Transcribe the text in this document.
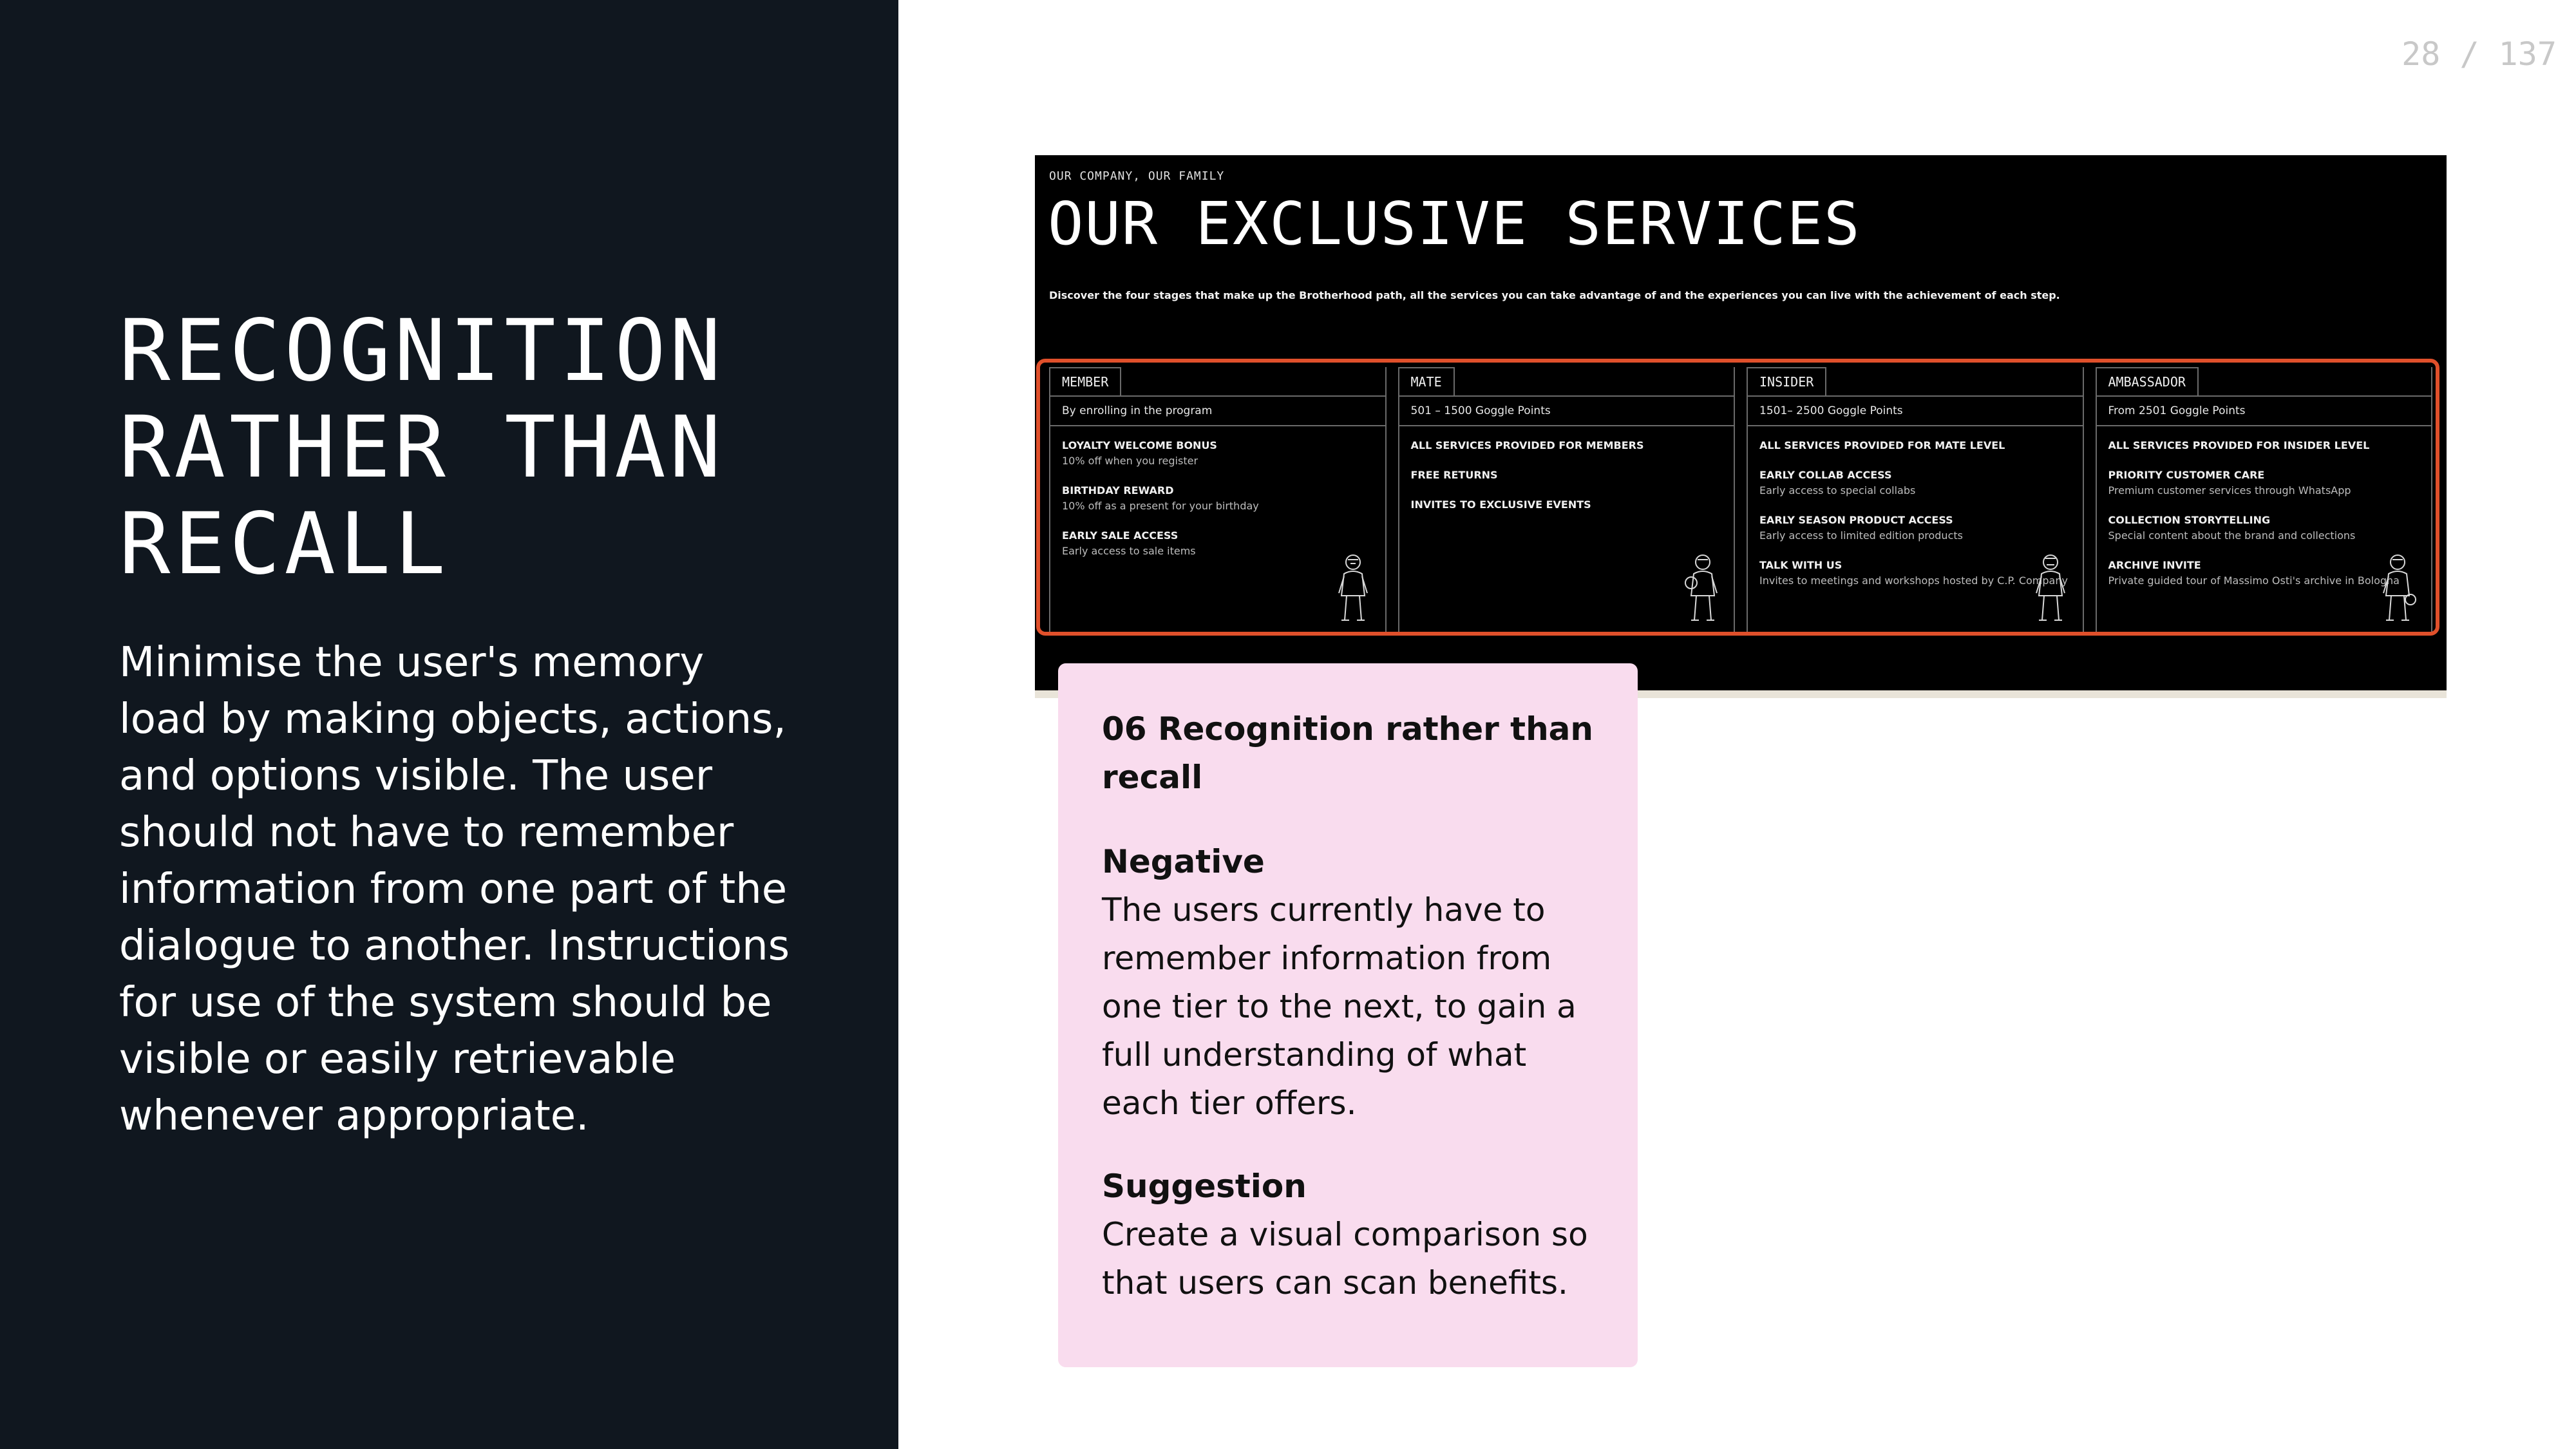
RECOGNITION
RATHER THAN
RECALL

Minimise the user's memory load by making objects, actions, and options visible. The user should not have to remember information from one part of the dialogue to another. Instructions for use of the system should be visible or easily retrievable whenever appropriate.

28 / 137
OUR COMPANY, OUR FAMILY
OUR EXCLUSIVE SERVICES
Discover the four stages that make up the Brotherhood path, all the services you can take advantage of and the experiences you can live with the achievement of each step.
MEMBER
By enrolling in the program
LOYALTY WELCOME BONUS
10% off when you register
BIRTHDAY REWARD
10% off as a present for your birthday
EARLY SALE ACCESS
Early access to sale items
MATE
501 – 1500 Goggle Points
ALL SERVICES PROVIDED FOR MEMBERS
FREE RETURNS
INVITES TO EXCLUSIVE EVENTS
INSIDER
1501– 2500 Goggle Points
ALL SERVICES PROVIDED FOR MATE LEVEL
EARLY COLLAB ACCESS
Early access to special collabs
EARLY SEASON PRODUCT ACCESS
Early access to limited edition products
TALK WITH US
Invites to meetings and workshops hosted by C.P. Company
AMBASSADOR
From 2501 Goggle Points
ALL SERVICES PROVIDED FOR INSIDER LEVEL
PRIORITY CUSTOMER CARE
Premium customer services through WhatsApp
COLLECTION STORYTELLING
Special content about the brand and collections
ARCHIVE INVITE
Private guided tour of Massimo Osti's archive in Bologna

06 Recognition rather than recall

Negative

The users currently have to remember information from one tier to the next, to gain a full understanding of what each tier offers.

Suggestion

Create a visual comparison so that users can scan benefits.
